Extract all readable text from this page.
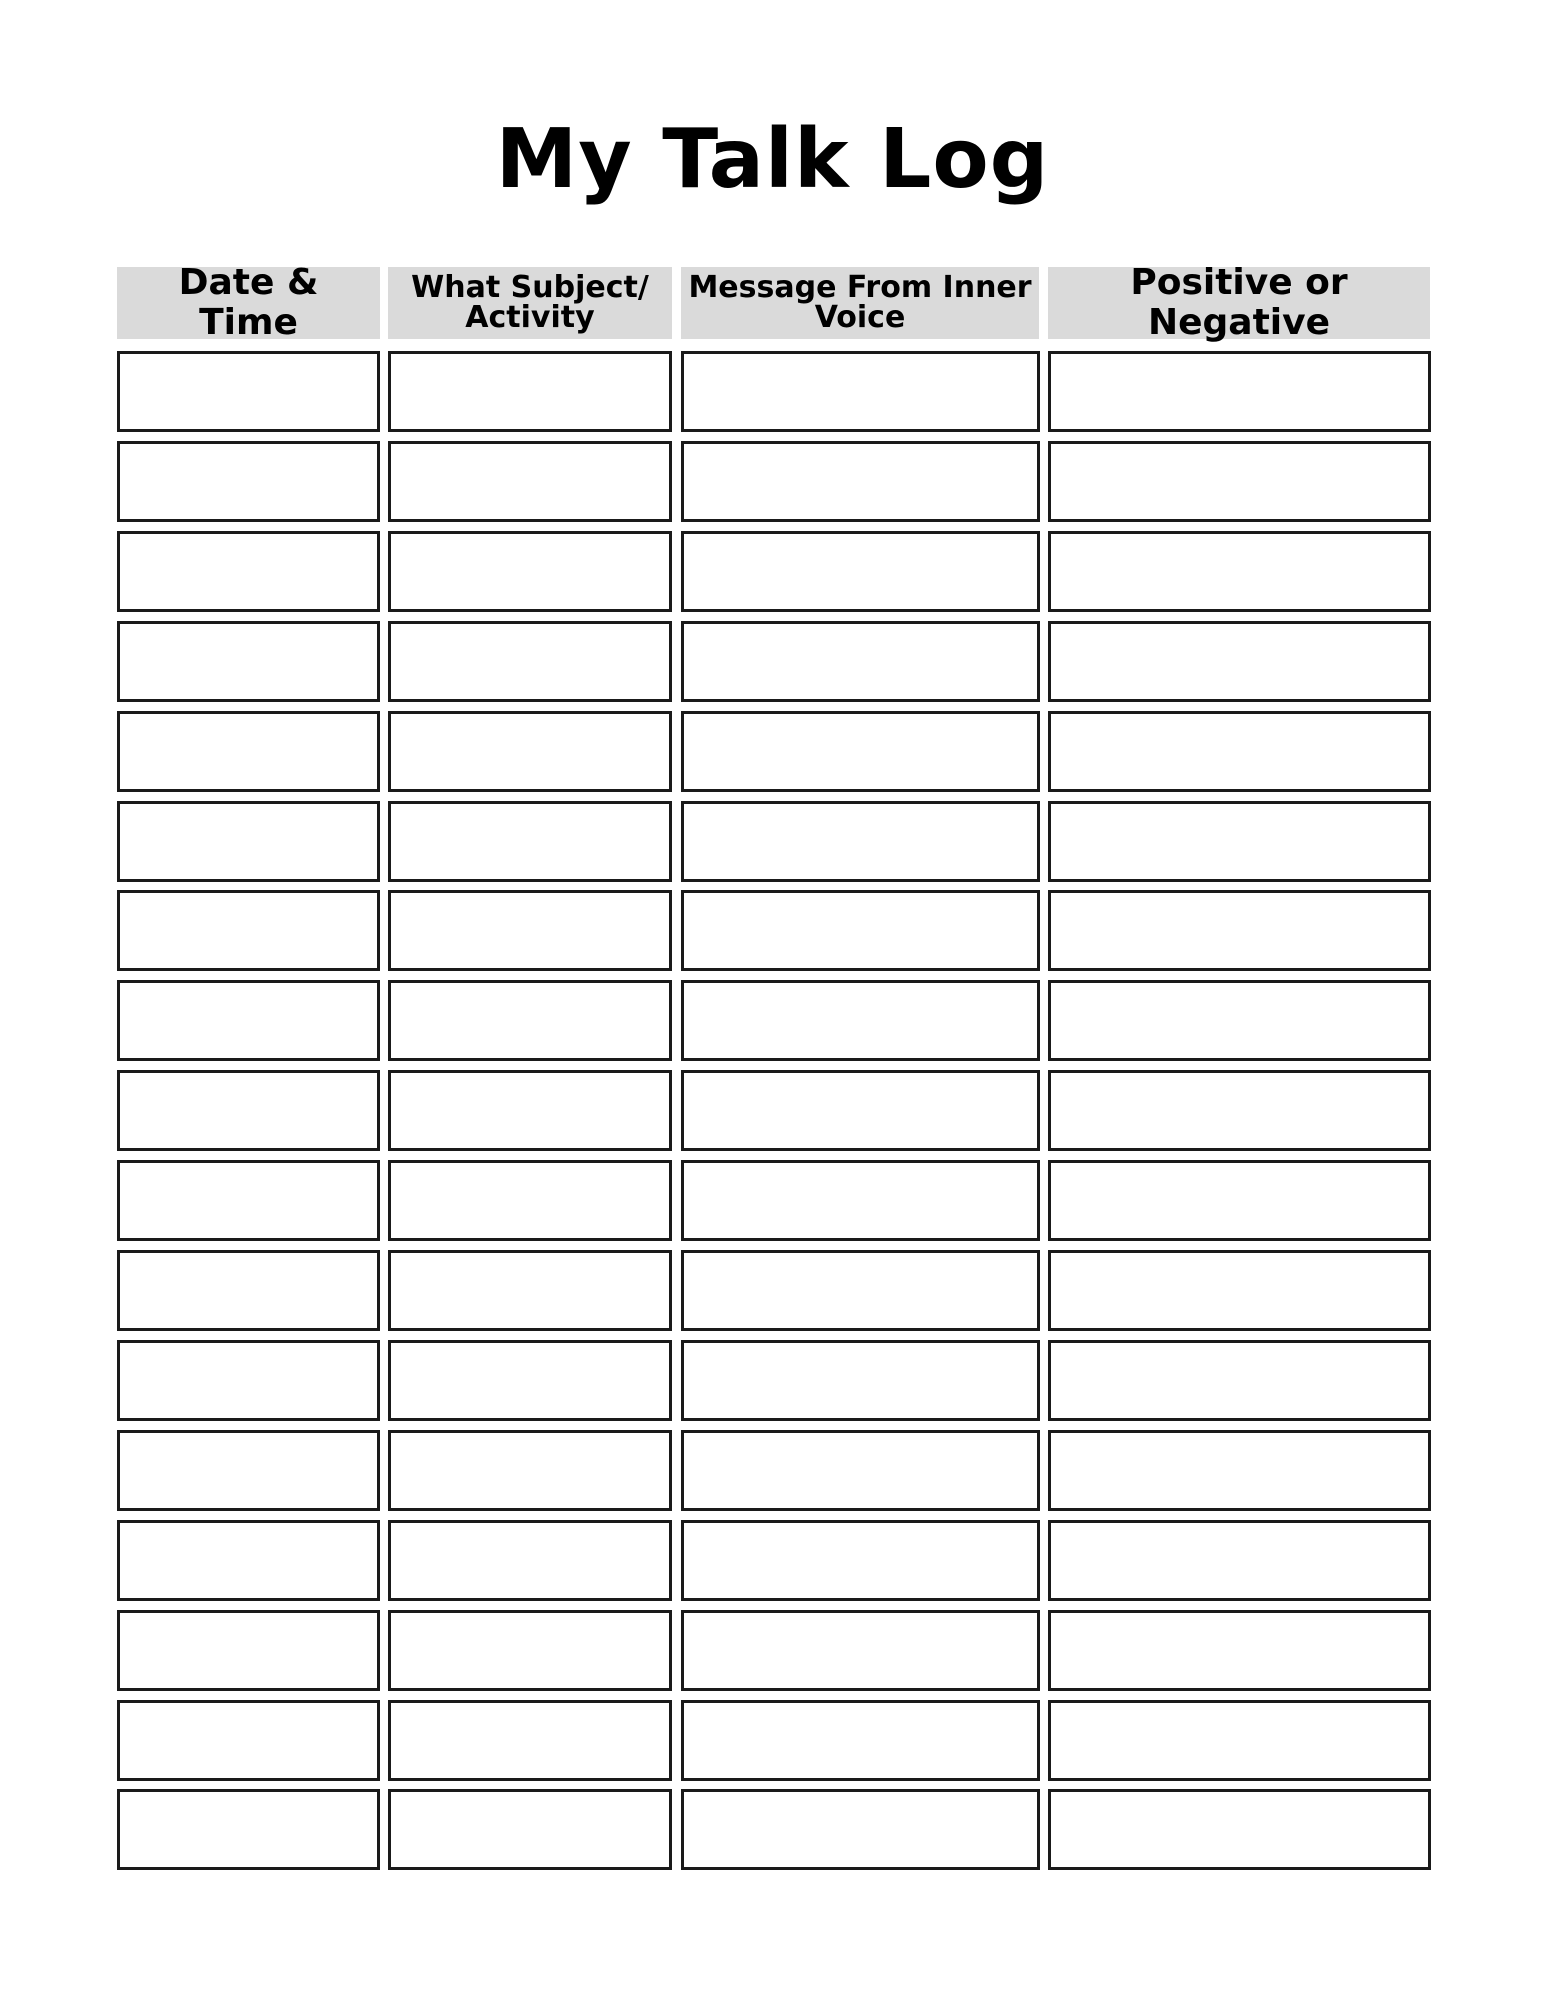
My Talk Log
Date & Time
What Subject/
Activity
Message From Inner
Voice
Positive or Negative
